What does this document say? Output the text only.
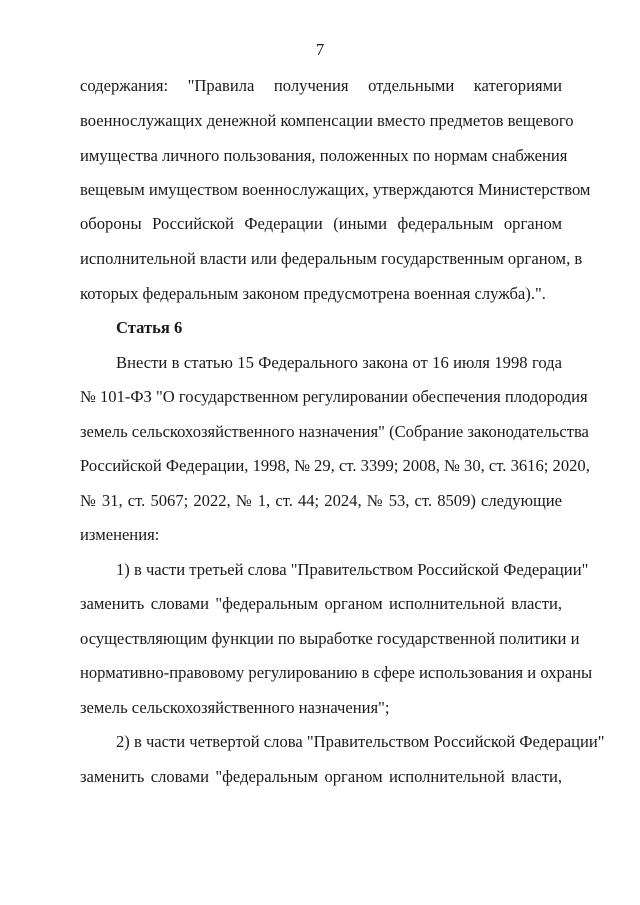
7
содержания: "Правила получения отдельными категориями
военнослужащих денежной компенсации вместо предметов вещевого
имущества личного пользования, положенных по нормам снабжения
вещевым имуществом военнослужащих, утверждаются Министерством
обороны Российской Федерации (иными федеральным органом
исполнительной власти или федеральным государственным органом, в
которых федеральным законом предусмотрена военная служба).".
Статья 6
Внести в статью 15 Федерального закона от 16 июля 1998 года
№ 101-ФЗ "О государственном регулировании обеспечения плодородия
земель сельскохозяйственного назначения" (Собрание законодательства
Российской Федерации, 1998, № 29, ст. 3399; 2008, № 30, ст. 3616; 2020,
№ 31, ст. 5067; 2022, № 1, ст. 44; 2024, № 53, ст. 8509) следующие
изменения:
1) в части третьей слова "Правительством Российской Федерации"
заменить словами "федеральным органом исполнительной власти,
осуществляющим функции по выработке государственной политики и
нормативно-правовому регулированию в сфере использования и охраны
земель сельскохозяйственного назначения";
2) в части четвертой слова "Правительством Российской Федерации"
заменить словами "федеральным органом исполнительной власти,
